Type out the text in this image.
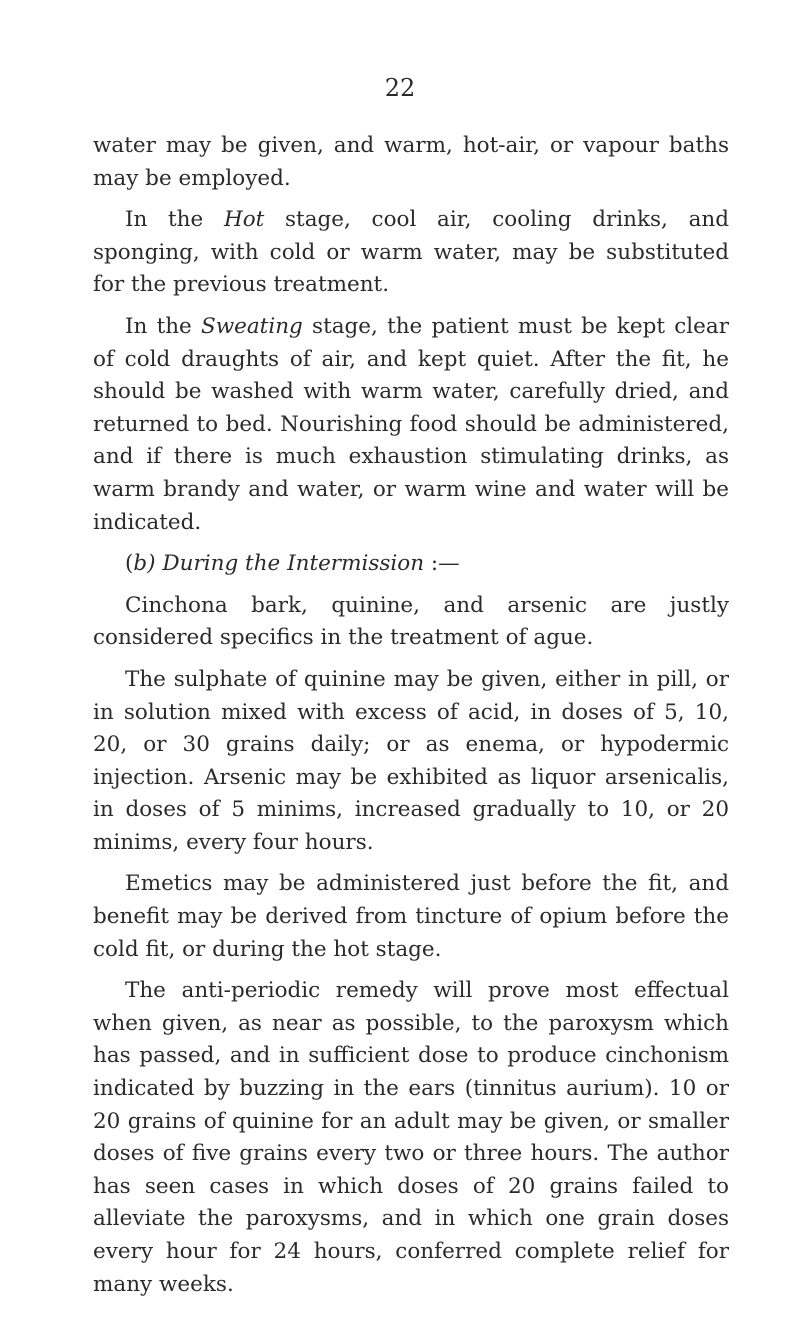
22

water may be given, and warm, hot-air, or vapour baths may be employed.

In the Hot stage, cool air, cooling drinks, and sponging, with cold or warm water, may be substituted for the previous treatment.

In the Sweating stage, the patient must be kept clear of cold draughts of air, and kept quiet. After the fit, he should be washed with warm water, carefully dried, and returned to bed. Nourishing food should be administered, and if there is much exhaustion stimulating drinks, as warm brandy and water, or warm wine and water will be indicated.

(b) During the Intermission :—

Cinchona bark, quinine, and arsenic are justly considered specifics in the treatment of ague.

The sulphate of quinine may be given, either in pill, or in solution mixed with excess of acid, in doses of 5, 10, 20, or 30 grains daily; or as enema, or hypodermic injection. Arsenic may be exhibited as liquor arsenicalis, in doses of 5 minims, increased gradually to 10, or 20 minims, every four hours.

Emetics may be administered just before the fit, and benefit may be derived from tincture of opium before the cold fit, or during the hot stage.

The anti-periodic remedy will prove most effectual when given, as near as possible, to the paroxysm which has passed, and in sufficient dose to produce cinchonism indicated by buzzing in the ears (tinnitus aurium). 10 or 20 grains of quinine for an adult may be given, or smaller doses of five grains every two or three hours. The author has seen cases in which doses of 20 grains failed to alleviate the paroxysms, and in which one grain doses every hour for 24 hours, conferred complete relief for many weeks.
